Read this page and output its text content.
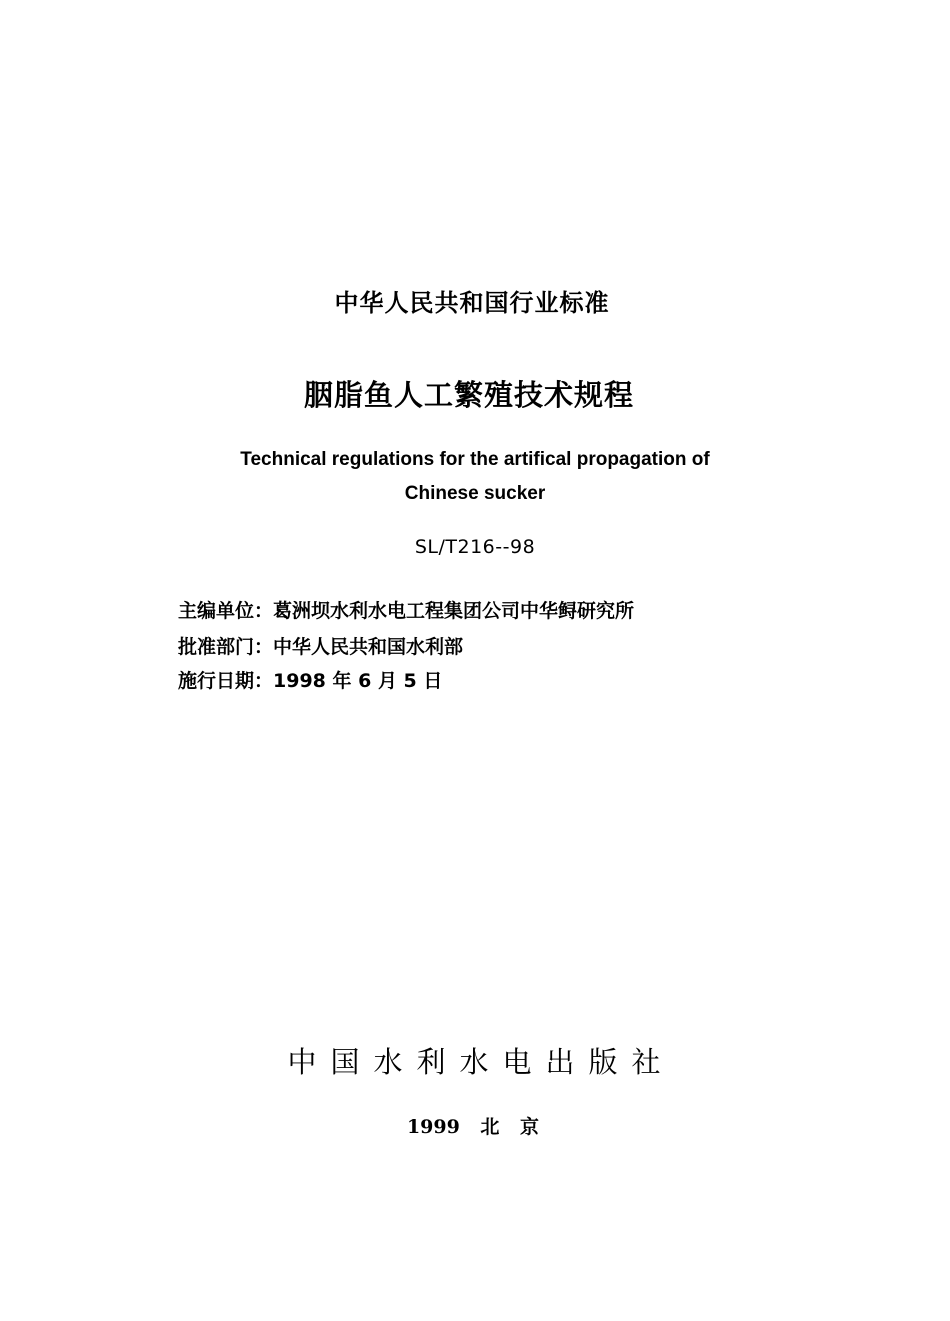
中华人民共和国行业标准
胭脂鱼人工繁殖技术规程
Technical regulations for the artifical propagation of
Chinese sucker
SL/T216--98
主编单位：葛洲坝水利水电工程集团公司中华鲟研究所
批准部门：中华人民共和国水利部
施行日期：1998 年 6 月 5 日
中国水利水电出版社
1999 北 京
